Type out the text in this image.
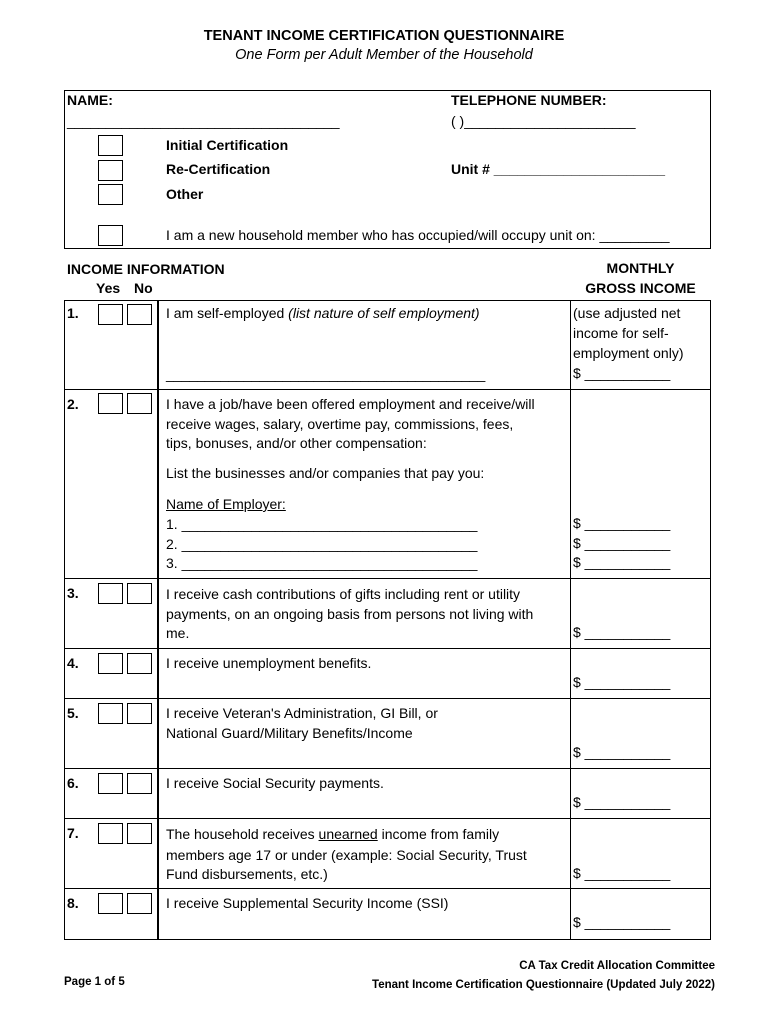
TENANT INCOME CERTIFICATION QUESTIONNAIRE
One Form per Adult Member of the Household
NAME:
___________________________________
TELEPHONE NUMBER:
( )______________________
Initial Certification
Re-Certification
Other
Unit # ______________________
I am a new household member who has occupied/will occupy unit on: _________
INCOME INFORMATION
Yes No
MONTHLY
GROSS INCOME
1.	I am self-employed (list nature of self employment)
_________________________________________
(use adjusted net
income for self-
employment only)
$ ___________
2.	I have a job/have been offered employment and receive/will
receive wages, salary, overtime pay, commissions, fees,
tips, bonuses, and/or other compensation:
List the businesses and/or companies that pay you:
Name of Employer:
1. ______________________________________
2. ______________________________________
3. ______________________________________
$ ___________
$ ___________
$ ___________
3.	I receive cash contributions of gifts including rent or utility
payments, on an ongoing basis from persons not living with
me.	$ ___________
4.	I receive unemployment benefits.
$ ___________
5.	I receive Veteran's Administration, GI Bill, or
National Guard/Military Benefits/Income
$ ___________
6.	I receive Social Security payments.
$ ___________
7.	The household receives unearned income from family
members age 17 or under (example: Social Security, Trust
Fund disbursements, etc.)	$ ___________
8.	I receive Supplemental Security Income (SSI)
$ ___________
Page 1 of 5
CA Tax Credit Allocation Committee
Tenant Income Certification Questionnaire (Updated July 2022)
